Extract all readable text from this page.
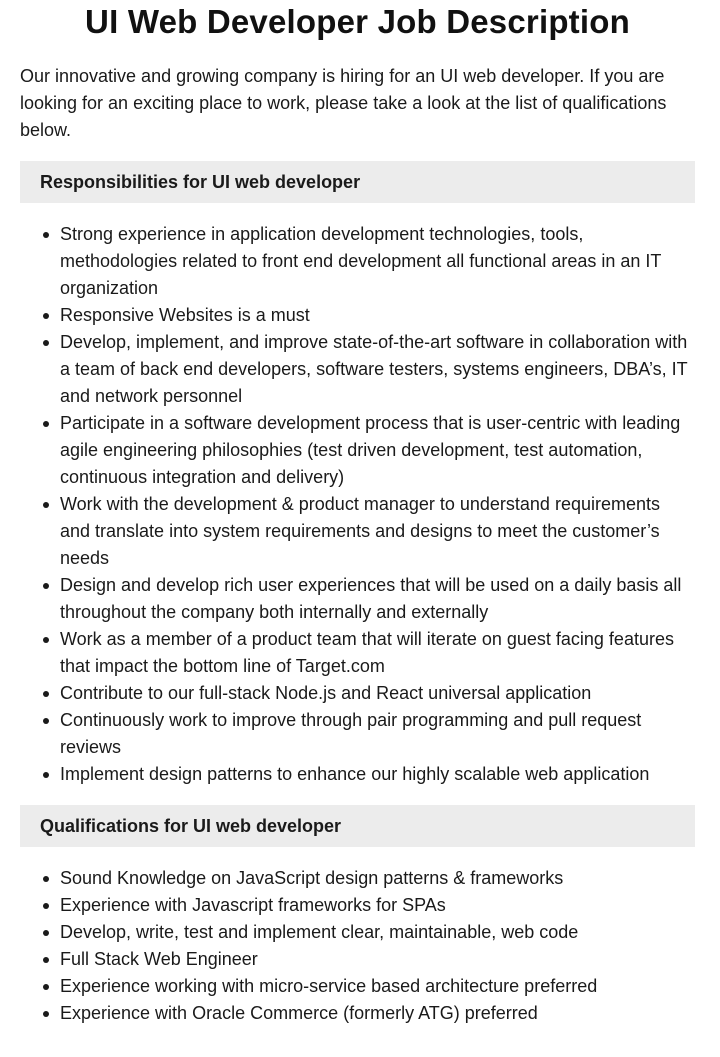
UI Web Developer Job Description

Our innovative and growing company is hiring for an UI web developer. If you are looking for an exciting place to work, please take a look at the list of qualifications below.

Responsibilities for UI web developer
Strong experience in application development technologies, tools, methodologies related to front end development all functional areas in an IT organization
Responsive Websites is a must
Develop, implement, and improve state-of-the-art software in collaboration with a team of back end developers, software testers, systems engineers, DBA’s, IT and network personnel
Participate in a software development process that is user-centric with leading agile engineering philosophies (test driven development, test automation, continuous integration and delivery)
Work with the development & product manager to understand requirements and translate into system requirements and designs to meet the customer’s needs
Design and develop rich user experiences that will be used on a daily basis all throughout the company both internally and externally
Work as a member of a product team that will iterate on guest facing features that impact the bottom line of Target.com
Contribute to our full-stack Node.js and React universal application
Continuously work to improve through pair programming and pull request reviews
Implement design patterns to enhance our highly scalable web application
Qualifications for UI web developer
Sound Knowledge on JavaScript design patterns & frameworks
Experience with Javascript frameworks for SPAs
Develop, write, test and implement clear, maintainable, web code
Full Stack Web Engineer
Experience working with micro-service based architecture preferred
Experience with Oracle Commerce (formerly ATG) preferred
